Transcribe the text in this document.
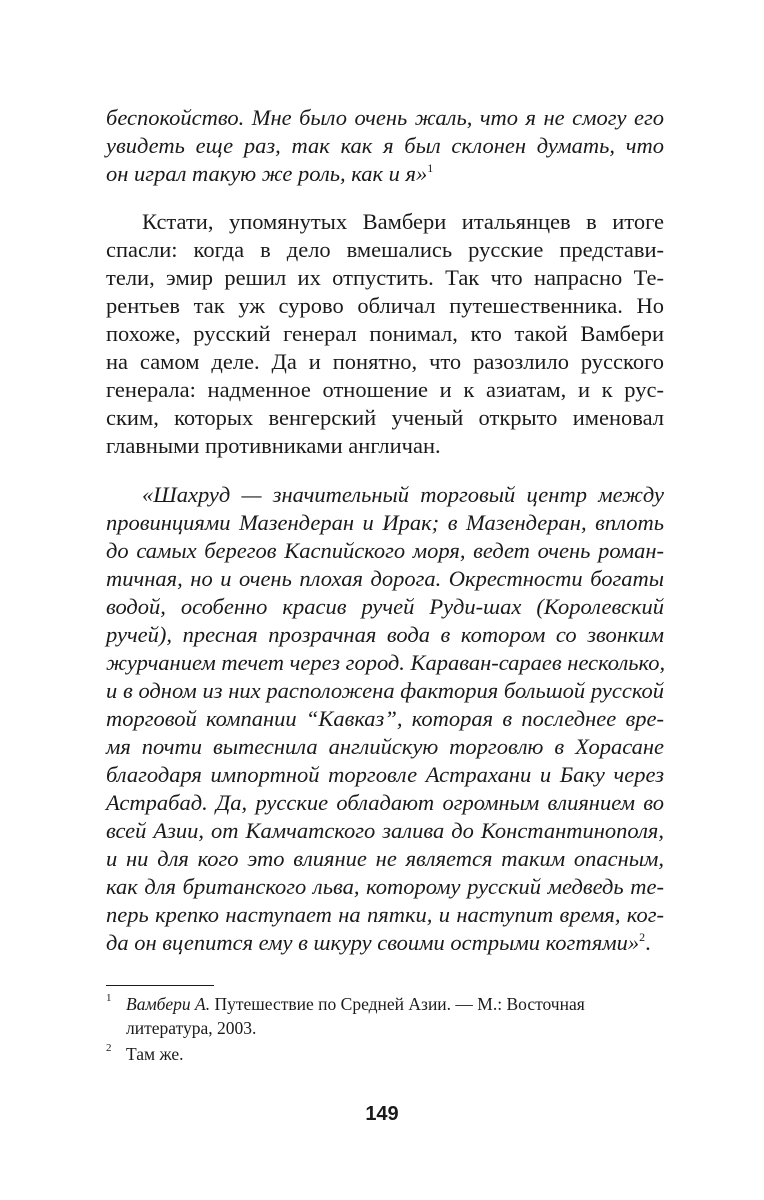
беспокойство. Мне было очень жаль, что я не смогу его
увидеть еще раз, так как я был склонен думать, что
он играл такую же роль, как и я»$^1$
Кстати, упомянутых Вамбери итальянцев в итоге
спасли: когда в дело вмешались русские представи-
тели, эмир решил их отпустить. Так что напрасно Те-
рентьев так уж сурово обличал путешественника. Но
похоже, русский генерал понимал, кто такой Вамбери
на самом деле. Да и понятно, что разозлило русского
генерала: надменное отношение и к азиатам, и к рус-
ским, которых венгерский ученый открыто именовал
главными противниками англичан.
«Шахруд — значительный торговый центр между
провинциями Мазендеран и Ирак; в Мазендеран, вплоть
до самых берегов Каспийского моря, ведет очень роман-
тичная, но и очень плохая дорога. Окрестности богаты
водой, особенно красив ручей Руди-шах (Королевский
ручей), пресная прозрачная вода в котором со звонким
журчанием течет через город. Караван-сараев несколько,
и в одном из них расположена фактория большой русской
торговой компании “Кавказ”, которая в последнее вре-
мя почти вытеснила английскую торговлю в Хорасане
благодаря импортной торговле Астрахани и Баку через
Астрабад. Да, русские обладают огромным влиянием во
всей Азии, от Камчатского залива до Константинополя,
и ни для кого это влияние не является таким опасным,
как для британского льва, которому русский медведь те-
перь крепко наступает на пятки, и наступит время, ког-
да он вцепится ему в шкуру своими острыми когтями»$^2$.
1 Вамбери А. Путешествие по Средней Азии. — М.: Восточная
литература, 2003.
2 Там же.
149
